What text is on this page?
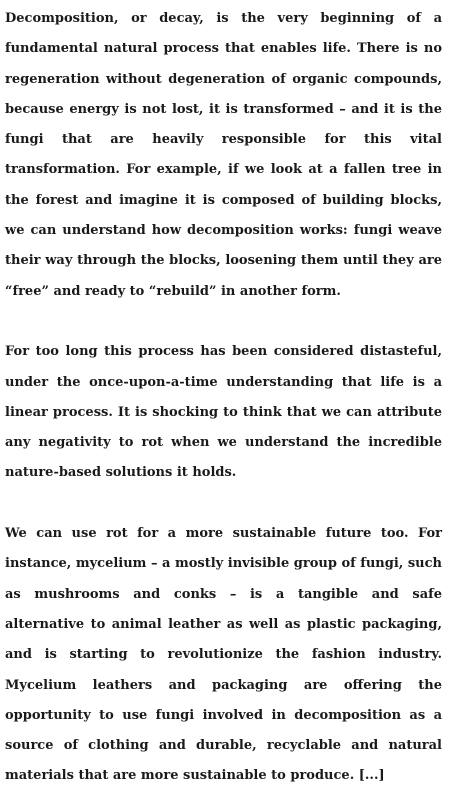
Decomposition, or decay, is the very beginning of a fundamental natural process that enables life. There is no regeneration without degeneration of organic compounds, because energy is not lost, it is transformed – and it is the fungi that are heavily responsible for this vital transformation. For example, if we look at a fallen tree in the forest and imagine it is composed of building blocks, we can understand how decomposition works: fungi weave their way through the blocks, loosening them until they are “free” and ready to “rebuild” in another form.

For too long this process has been considered distasteful, under the once-upon-a-time understanding that life is a linear process. It is shocking to think that we can attribute any negativity to rot when we understand the incredible nature-based solutions it holds.

We can use rot for a more sustainable future too. For instance, mycelium – a mostly invisible group of fungi, such as mushrooms and conks – is a tangible and safe alternative to animal leather as well as plastic packaging, and is starting to revolutionize the fashion industry. Mycelium leathers and packaging are offering the opportunity to use fungi involved in decomposition as a source of clothing and durable, recyclable and natural materials that are more sustainable to produce. [...]
